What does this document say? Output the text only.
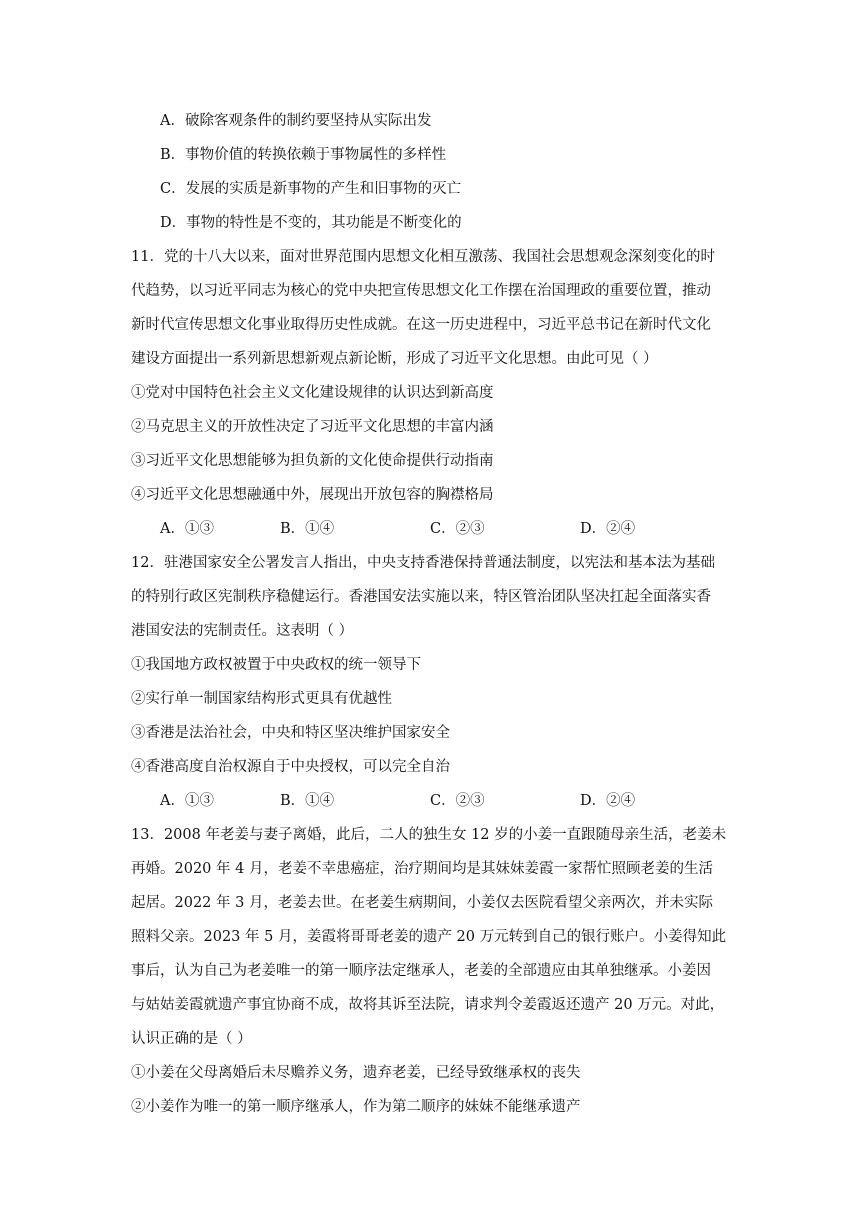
A．破除客观条件的制约要坚持从实际出发
B．事物价值的转换依赖于事物属性的多样性
C．发展的实质是新事物的产生和旧事物的灭亡
D．事物的特性是不变的，其功能是不断变化的
11．党的十八大以来，面对世界范围内思想文化相互激荡、我国社会思想观念深刻变化的时
代趋势，以习近平同志为核心的党中央把宣传思想文化工作摆在治国理政的重要位置，推动
新时代宣传思想文化事业取得历史性成就。在这一历史进程中，习近平总书记在新时代文化
建设方面提出一系列新思想新观点新论断，形成了习近平文化思想。由此可见（ ）
①党对中国特色社会主义文化建设规律的认识达到新高度
②马克思主义的开放性决定了习近平文化思想的丰富内涵
③习近平文化思想能够为担负新的文化使命提供行动指南
④习近平文化思想融通中外，展现出开放包容的胸襟格局
A．①③	B．①④	C．②③	D．②④
12．驻港国家安全公署发言人指出，中央支持香港保持普通法制度，以宪法和基本法为基础
的特别行政区宪制秩序稳健运行。香港国安法实施以来，特区管治团队坚决扛起全面落实香
港国安法的宪制责任。这表明（ ）
①我国地方政权被置于中央政权的统一领导下
②实行单一制国家结构形式更具有优越性
③香港是法治社会，中央和特区坚决维护国家安全
④香港高度自治权源自于中央授权，可以完全自治
A．①③	B．①④	C．②③	D．②④
13．2008 年老姜与妻子离婚，此后，二人的独生女 12 岁的小姜一直跟随母亲生活，老姜未
再婚。2020 年 4 月，老姜不幸患癌症，治疗期间均是其妹妹姜霞一家帮忙照顾老姜的生活
起居。2022 年 3 月，老姜去世。在老姜生病期间，小姜仅去医院看望父亲两次，并未实际
照料父亲。2023 年 5 月，姜霞将哥哥老姜的遗产 20 万元转到自己的银行账户。小姜得知此
事后，认为自己为老姜唯一的第一顺序法定继承人，老姜的全部遗应由其单独继承。小姜因
与姑姑姜霞就遗产事宜协商不成，故将其诉至法院，请求判令姜霞返还遗产 20 万元。对此，
认识正确的是（ ）
①小姜在父母离婚后未尽赡养义务，遗弃老姜，已经导致继承权的丧失
②小姜作为唯一的第一顺序继承人，作为第二顺序的妹妹不能继承遗产
